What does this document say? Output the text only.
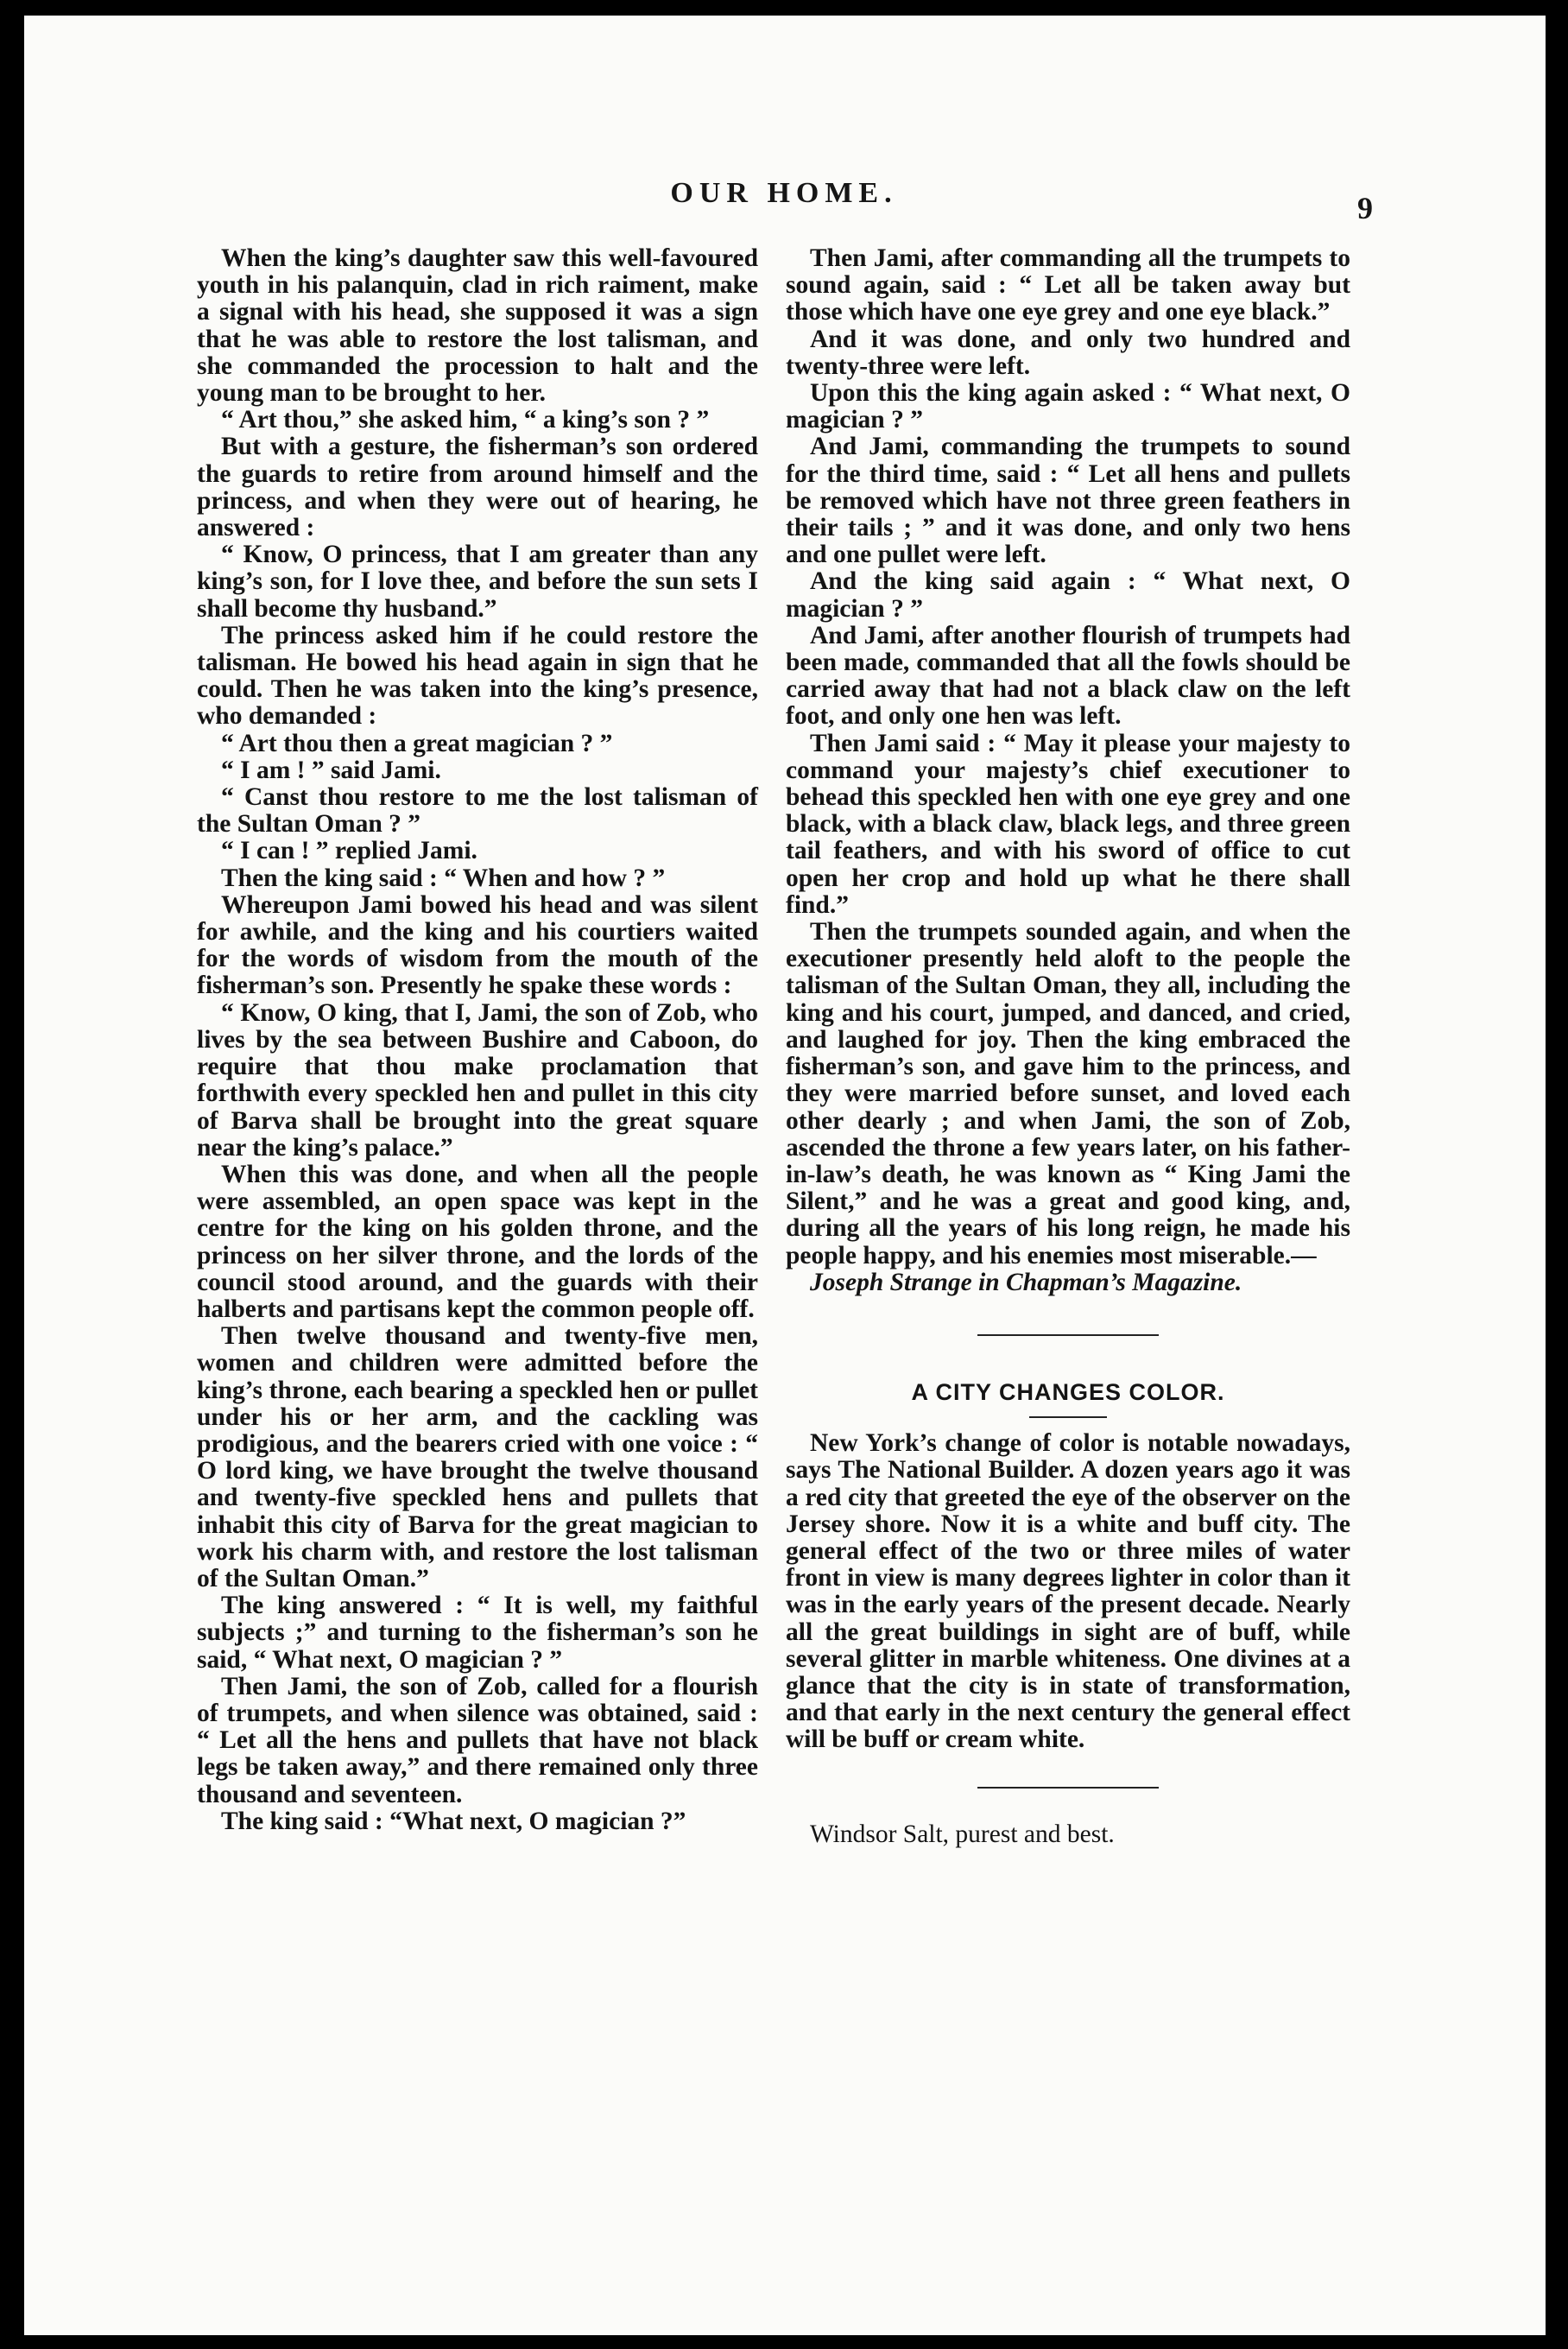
OUR HOME.	9

When the king’s daughter saw this well-favoured youth in his palanquin, clad in rich raiment, make a signal with his head, she supposed it was a sign that he was able to restore the lost talisman, and she commanded the procession to halt and the young man to be brought to her.

“ Art thou,” she asked him, “ a king’s son ? ”

But with a gesture, the fisherman’s son ordered the guards to retire from around himself and the princess, and when they were out of hearing, he answered :

“ Know, O princess, that I am greater than any king’s son, for I love thee, and before the sun sets I shall become thy husband.”

The princess asked him if he could restore the talisman. He bowed his head again in sign that he could. Then he was taken into the king’s presence, who demanded :

“ Art thou then a great magician ? ”

“ I am ! ” said Jami.

“ Canst thou restore to me the lost talisman of the Sultan Oman ? ”

“ I can ! ” replied Jami.

Then the king said : “ When and how ? ”

Whereupon Jami bowed his head and was silent for awhile, and the king and his courtiers waited for the words of wisdom from the mouth of the fisherman’s son. Presently he spake these words :

“ Know, O king, that I, Jami, the son of Zob, who lives by the sea between Bushire and Caboon, do require that thou make proclamation that forthwith every speckled hen and pullet in this city of Barva shall be brought into the great square near the king’s palace.”

When this was done, and when all the people were assembled, an open space was kept in the centre for the king on his golden throne, and the princess on her silver throne, and the lords of the council stood around, and the guards with their halberts and partisans kept the common people off.

Then twelve thousand and twenty-five men, women and children were admitted before the king’s throne, each bearing a speckled hen or pullet under his or her arm, and the cackling was prodigious, and the bearers cried with one voice : “ O lord king, we have brought the twelve thousand and twenty-five speckled hens and pullets that inhabit this city of Barva for the great magician to work his charm with, and restore the lost talisman of the Sultan Oman.”

The king answered : “ It is well, my faithful subjects ;” and turning to the fisherman’s son he said, “ What next, O magician ? ”

Then Jami, the son of Zob, called for a flourish of trumpets, and when silence was obtained, said : “ Let all the hens and pullets that have not black legs be taken away,” and there remained only three thousand and seventeen.

The king said : “What next, O magician ?”

Then Jami, after commanding all the trumpets to sound again, said : “ Let all be taken away but those which have one eye grey and one eye black.”

And it was done, and only two hundred and twenty-three were left.

Upon this the king again asked : “ What next, O magician ? ”

And Jami, commanding the trumpets to sound for the third time, said : “ Let all hens and pullets be removed which have not three green feathers in their tails ; ” and it was done, and only two hens and one pullet were left.

And the king said again : “ What next, O magician ? ”

And Jami, after another flourish of trumpets had been made, commanded that all the fowls should be carried away that had not a black claw on the left foot, and only one hen was left.

Then Jami said : “ May it please your majesty to command your majesty’s chief executioner to behead this speckled hen with one eye grey and one black, with a black claw, black legs, and three green tail feathers, and with his sword of office to cut open her crop and hold up what he there shall find.”

Then the trumpets sounded again, and when the executioner presently held aloft to the people the talisman of the Sultan Oman, they all, including the king and his court, jumped, and danced, and cried, and laughed for joy. Then the king embraced the fisherman’s son, and gave him to the princess, and they were married before sunset, and loved each other dearly ; and when Jami, the son of Zob, ascended the throne a few years later, on his father-in-law’s death, he was known as “ King Jami the Silent,” and he was a great and good king, and, during all the years of his long reign, he made his people happy, and his enemies most miserable.—

Joseph Strange in Chapman’s Magazine.

A CITY CHANGES COLOR.

New York’s change of color is notable nowadays, says The National Builder. A dozen years ago it was a red city that greeted the eye of the observer on the Jersey shore. Now it is a white and buff city. The general effect of the two or three miles of water front in view is many degrees lighter in color than it was in the early years of the present decade. Nearly all the great buildings in sight are of buff, while several glitter in marble whiteness. One divines at a glance that the city is in state of transformation, and that early in the next century the general effect will be buff or cream white.

Windsor Salt, purest and best.
